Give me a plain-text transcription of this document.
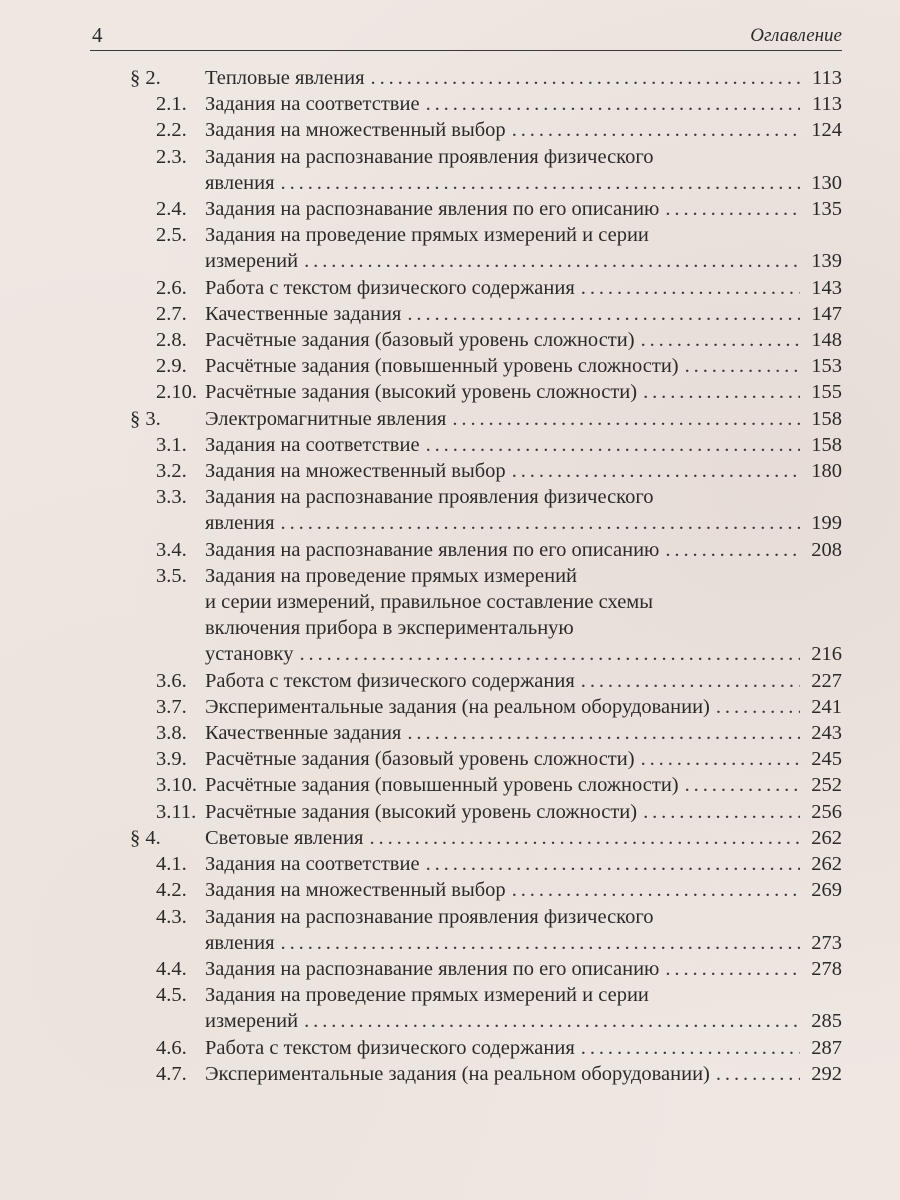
4	Оглавление
§ 2.	Тепловые явления . . .	113
2.1. Задания на соответствие . . .	113
2.2. Задания на множественный выбор . . .	124
2.3. Задания на распознавание проявления физического
явления . . .	130
2.4. Задания на распознавание явления по его описанию . . .	135
2.5. Задания на проведение прямых измерений и серии
измерений . . .	139
2.6. Работа с текстом физического содержания . . .	143
2.7. Качественные задания . . .	147
2.8. Расчётные задания (базовый уровень сложности) . . .	148
2.9. Расчётные задания (повышенный уровень сложности) . . .	153
2.10. Расчётные задания (высокий уровень сложности) . . .	155
§ 3.	Электромагнитные явления . . .	158
3.1. Задания на соответствие . . .	158
3.2. Задания на множественный выбор . . .	180
3.3. Задания на распознавание проявления физического
явления . . .	199
3.4. Задания на распознавание явления по его описанию . . .	208
3.5. Задания на проведение прямых измерений
и серии измерений, правильное составление схемы
включения прибора в экспериментальную
установку . . .	216
3.6. Работа с текстом физического содержания . . .	227
3.7. Экспериментальные задания (на реальном оборудовании) . . .	241
3.8. Качественные задания . . .	243
3.9. Расчётные задания (базовый уровень сложности) . . .	245
3.10. Расчётные задания (повышенный уровень сложности) . . .	252
3.11. Расчётные задания (высокий уровень сложности) . . .	256
§ 4.	Световые явления . . .	262
4.1. Задания на соответствие . . .	262
4.2. Задания на множественный выбор . . .	269
4.3. Задания на распознавание проявления физического
явления . . .	273
4.4. Задания на распознавание явления по его описанию . . .	278
4.5. Задания на проведение прямых измерений и серии
измерений . . .	285
4.6. Работа с текстом физического содержания . . .	287
4.7. Экспериментальные задания (на реальном оборудовании) . . .	292
